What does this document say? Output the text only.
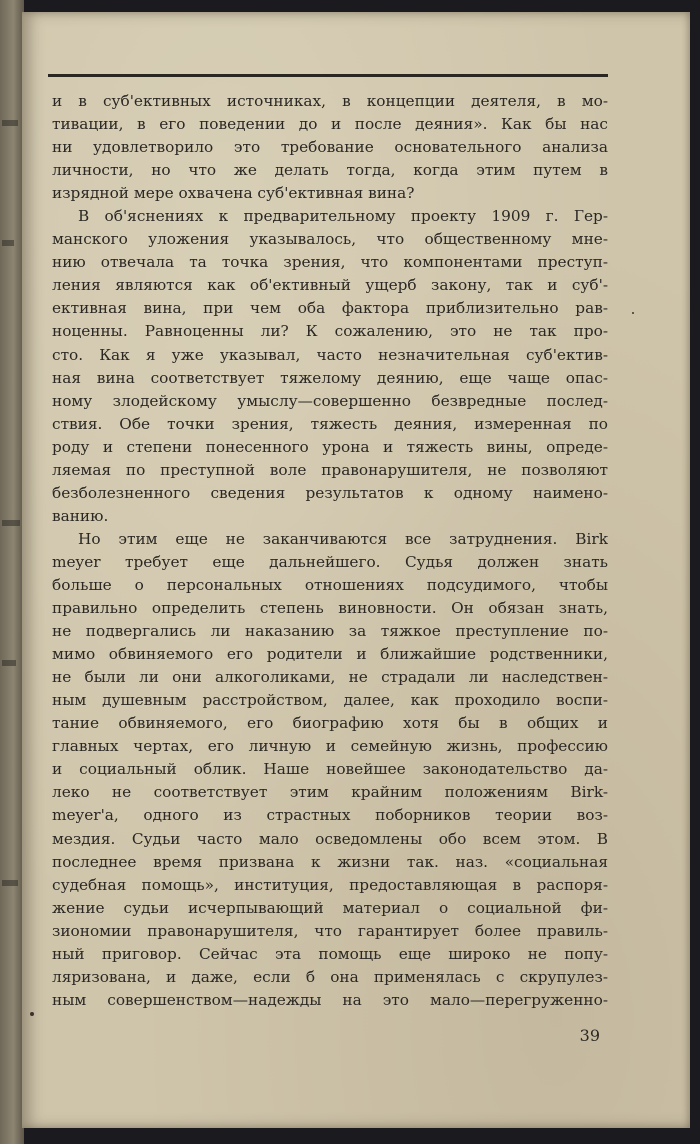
и в суб'ективных источниках, в концепции деятеля, в мо-
тивации, в его поведении до и после деяния». Как бы нас
ни удовлетворило это требование основательного анализа
личности, но что же делать тогда, когда этим путем в
изрядной мере охвачена суб'ективная вина?
В об'яснениях к предварительному проекту 1909 г. Гер-
манского уложения указывалось, что общественному мне-
нию отвечала та точка зрения, что компонентами преступ-
ления являются как об'ективный ущерб закону, так и суб'-
ективная вина, при чем оба фактора приблизительно рав-
ноценны. Равноценны ли? К сожалению, это не так про-
сто. Как я уже указывал, часто незначительная суб'ектив-
ная вина соответствует тяжелому деянию, еще чаще опас-
ному злодейскому умыслу—совершенно безвредные послед-
ствия. Обе точки зрения, тяжесть деяния, измеренная по
роду и степени понесенного урона и тяжесть вины, опреде-
ляемая по преступной воле правонарушителя, не позволяют
безболезненного сведения результатов к одному наимено-
ванию.
Но этим еще не заканчиваются все затруднения. Birk
meyer требует еще дальнейшего. Судья должен знать
больше о персональных отношениях подсудимого, чтобы
правильно определить степень виновности. Он обязан знать,
не подвергались ли наказанию за тяжкое преступление по-
мимо обвиняемого его родители и ближайшие родственники,
не были ли они алкоголиками, не страдали ли наследствен-
ным душевным расстройством, далее, как проходило воспи-
тание обвиняемого, его биографию хотя бы в общих и
главных чертах, его личную и семейную жизнь, профессию
и социальный облик. Наше новейшее законодательство да-
леко не соответствует этим крайним положениям Birk-
meyer'а, одного из страстных поборников теории воз-
мездия. Судьи часто мало осведомлены обо всем этом. В
последнее время призвана к жизни так. наз. «социальная
судебная помощь», институция, предоставляющая в распоря-
жение судьи исчерпывающий материал о социальной фи-
зиономии правонарушителя, что гарантирует более правиль-
ный приговор. Сейчас эта помощь еще широко не попу-
ляризована, и даже, если б она применялась с скрупулез-
ным совершенством—надежды на это мало—перегруженно-
39
